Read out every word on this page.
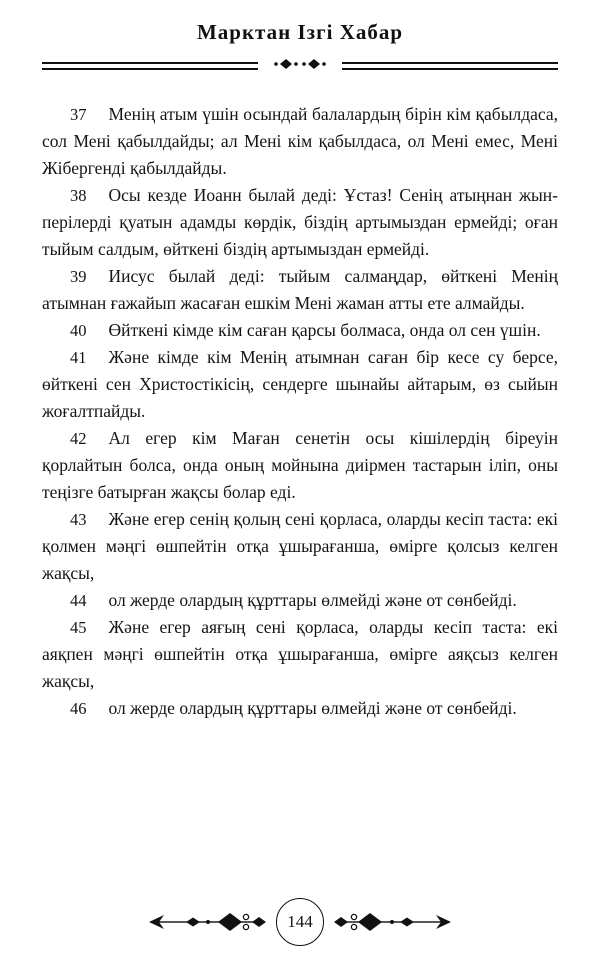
Марктан Ізгі Хабар

37 Менің атым үшін осындай балалардың бірін кім қабылдаса, сол Мені қабылдайды; ал Мені кім қабылдаса, ол Мені емес, Мені Жібергенді қабылдайды.

38 Осы кезде Иоанн былай деді: Ұстаз! Сенің атыңнан жын-перілерді қуатын адамды көрдік, біздің артымыздан ермейді; оған тыйым салдым, өйткені біздің артымыздан ермейді.

39 Иисус былай деді: тыйым салмаңдар, өйткені Менің атымнан ғажайып жасаған ешкім Мені жаман атты ете алмайды.

40 Өйткені кімде кім саған қарсы болмаса, онда ол сен үшін.

41 Және кімде кім Менің атымнан саған бір кесе су берсе, өйткені сен Христостікісің, сендерге шынайы айтарым, өз сыйын жоғалтпайды.

42 Ал егер кім Маған сенетін осы кішілердің біреуін қорлайтын болса, онда оның мойнына диірмен тастарын іліп, оны теңізге батырған жақсы болар еді.

43 Және егер сенің қолың сені қорласа, оларды кесіп таста: екі қолмен мәңгі өшпейтін отқа ұшырағанша, өмірге қолсыз келген жақсы,

44 ол жерде олардың құрттары өлмейді және от сөнбейді.

45 Және егер аяғың сені қорласа, оларды кесіп таста: екі аяқпен мәңгі өшпейтін отқа ұшырағанша, өмірге аяқсыз келген жақсы,

46 ол жерде олардың құрттары өлмейді және от сөнбейді.

144
